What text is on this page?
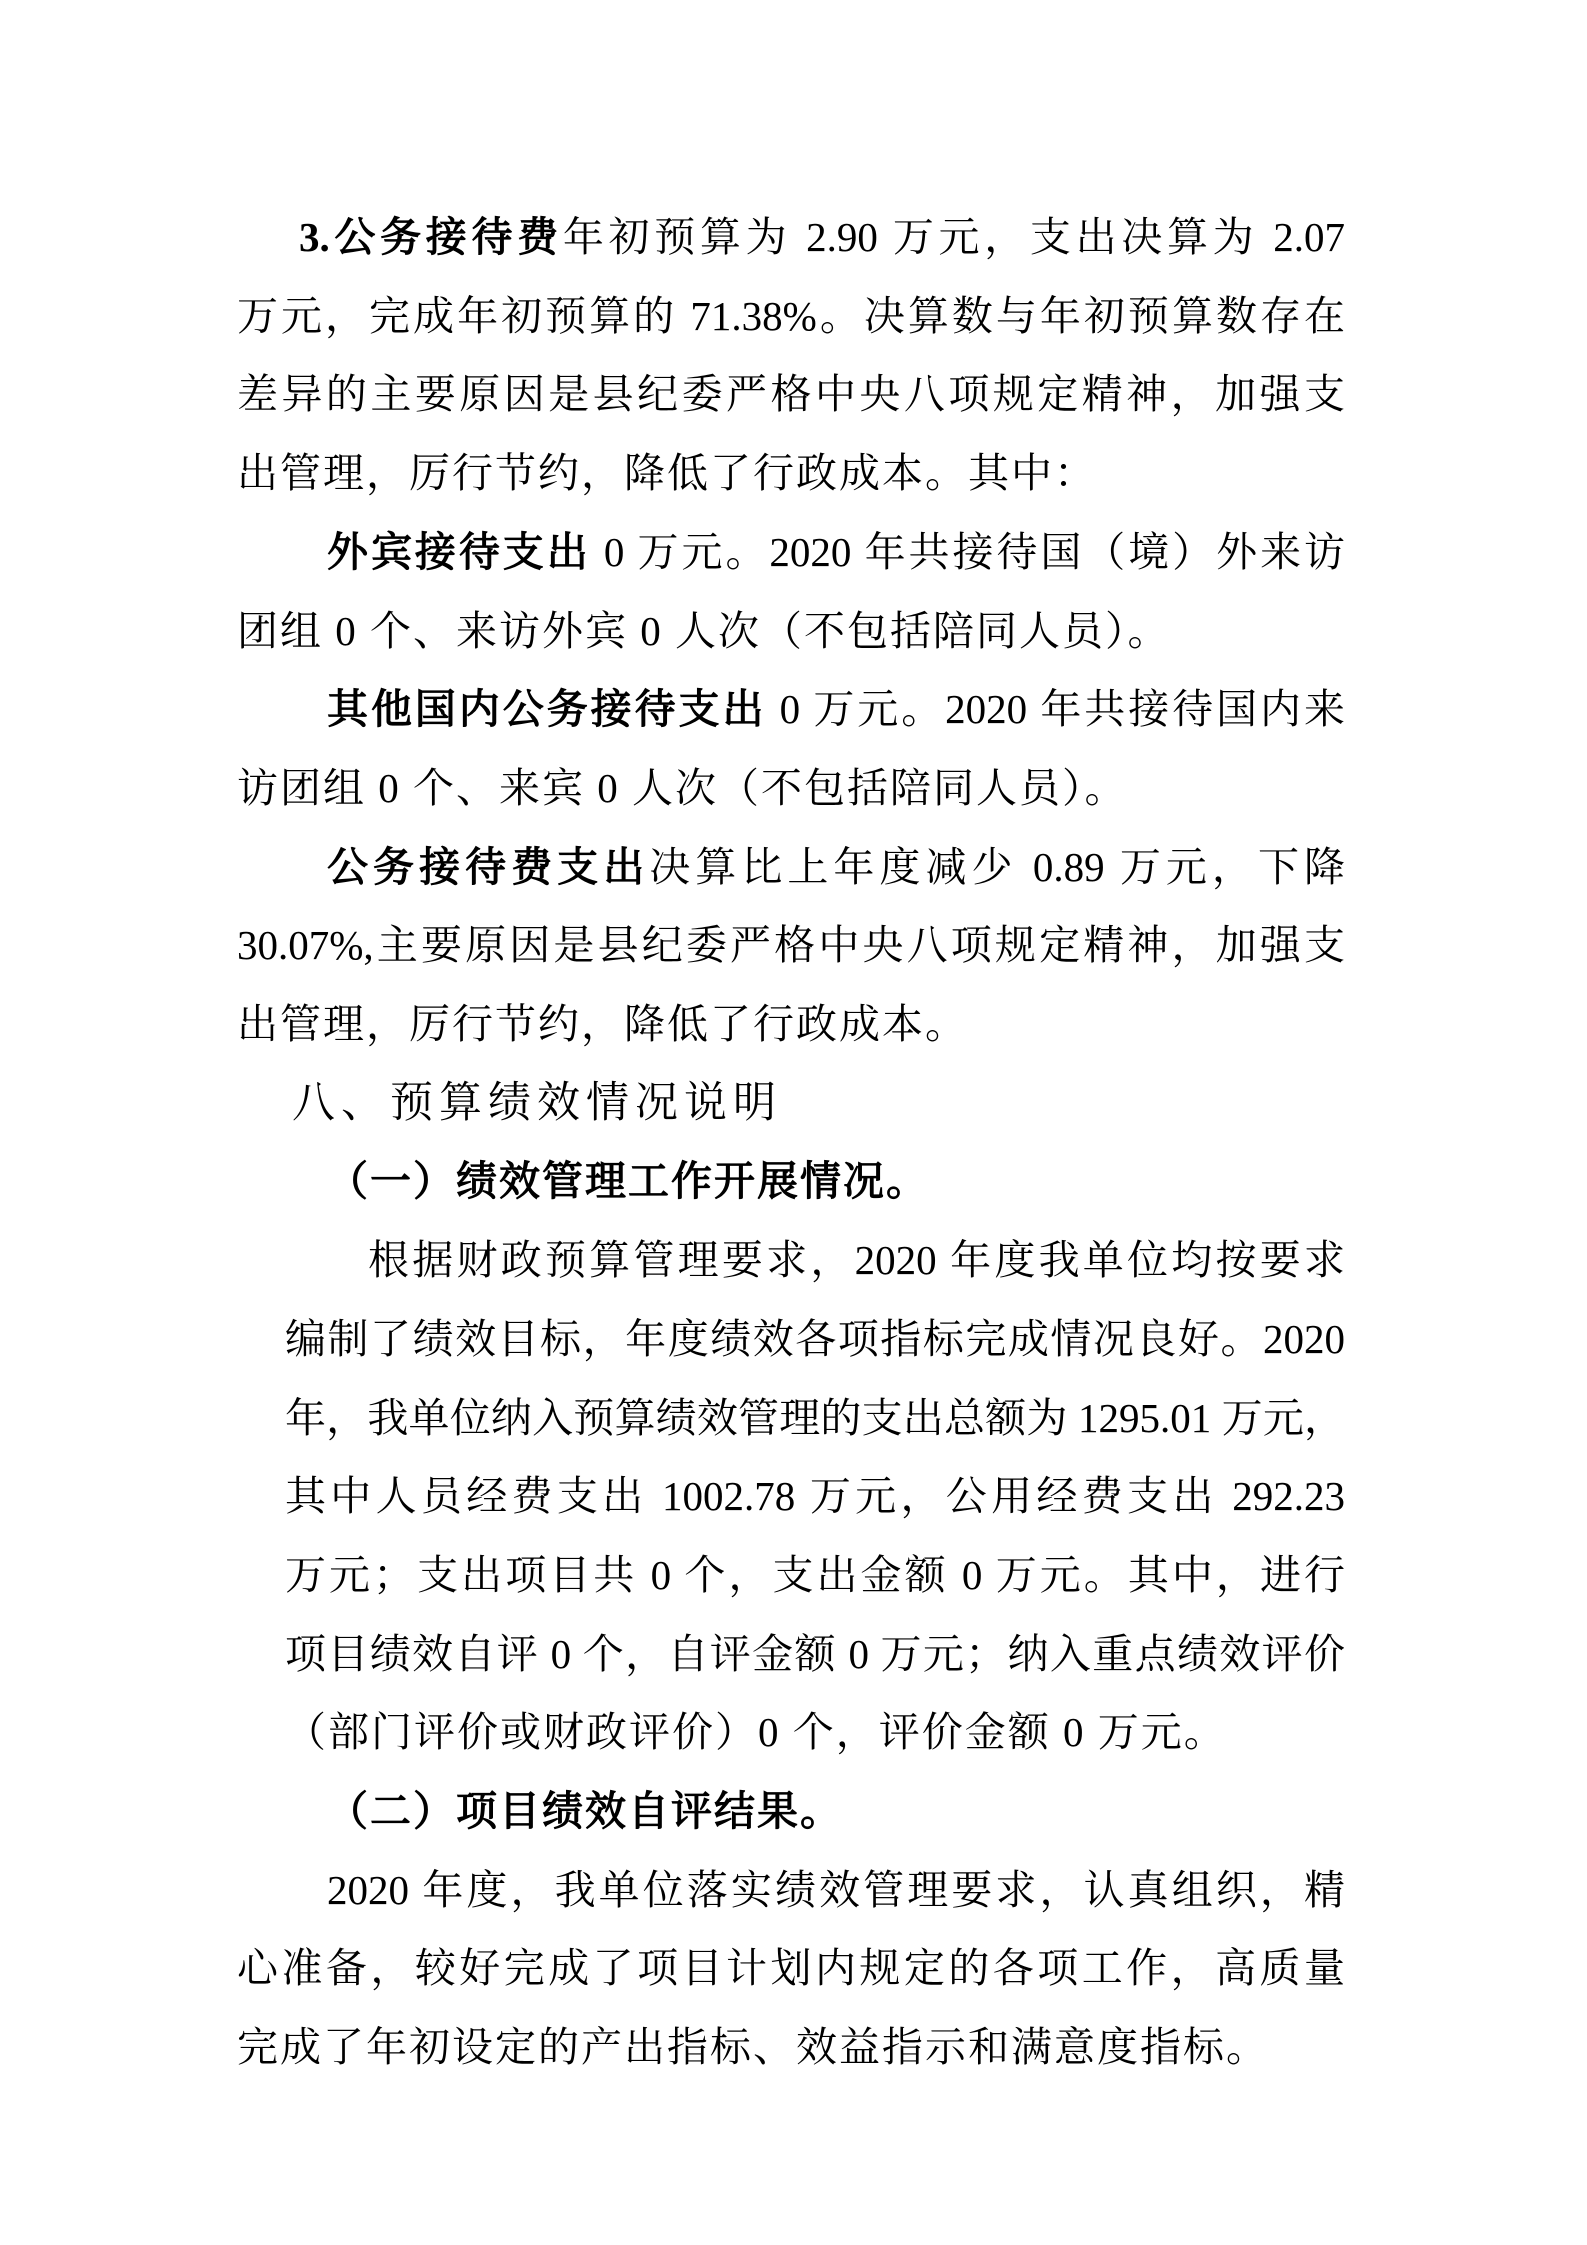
3.公务接待费年初预算为 2.90 万元，支出决算为 2.07

万元，完成年初预算的 71.38%。决算数与年初预算数存在

差异的主要原因是县纪委严格中央八项规定精神，加强支

出管理，厉行节约，降低了行政成本。其中：

外宾接待支出 0 万元。2020 年共接待国（境）外来访

团组 0 个、来访外宾 0 人次（不包括陪同人员）。

其他国内公务接待支出 0 万元。2020 年共接待国内来

访团组 0 个、来宾 0 人次（不包括陪同人员）。

公务接待费支出决算比上年度减少 0.89 万元，下降

30.07%,主要原因是县纪委严格中央八项规定精神，加强支

出管理，厉行节约，降低了行政成本。

八、预算绩效情况说明

（一）绩效管理工作开展情况。

根据财政预算管理要求，2020 年度我单位均按要求

编制了绩效目标，年度绩效各项指标完成情况良好。2020

年，我单位纳入预算绩效管理的支出总额为 1295.01 万元，

其中人员经费支出 1002.78 万元，公用经费支出 292.23

万元；支出项目共 0 个，支出金额 0 万元。其中，进行

项目绩效自评 0 个，自评金额 0 万元；纳入重点绩效评价

（部门评价或财政评价）0 个，评价金额 0 万元。

（二）项目绩效自评结果。

2020 年度，我单位落实绩效管理要求，认真组织，精

心准备，较好完成了项目计划内规定的各项工作，高质量

完成了年初设定的产出指标、效益指示和满意度指标。
